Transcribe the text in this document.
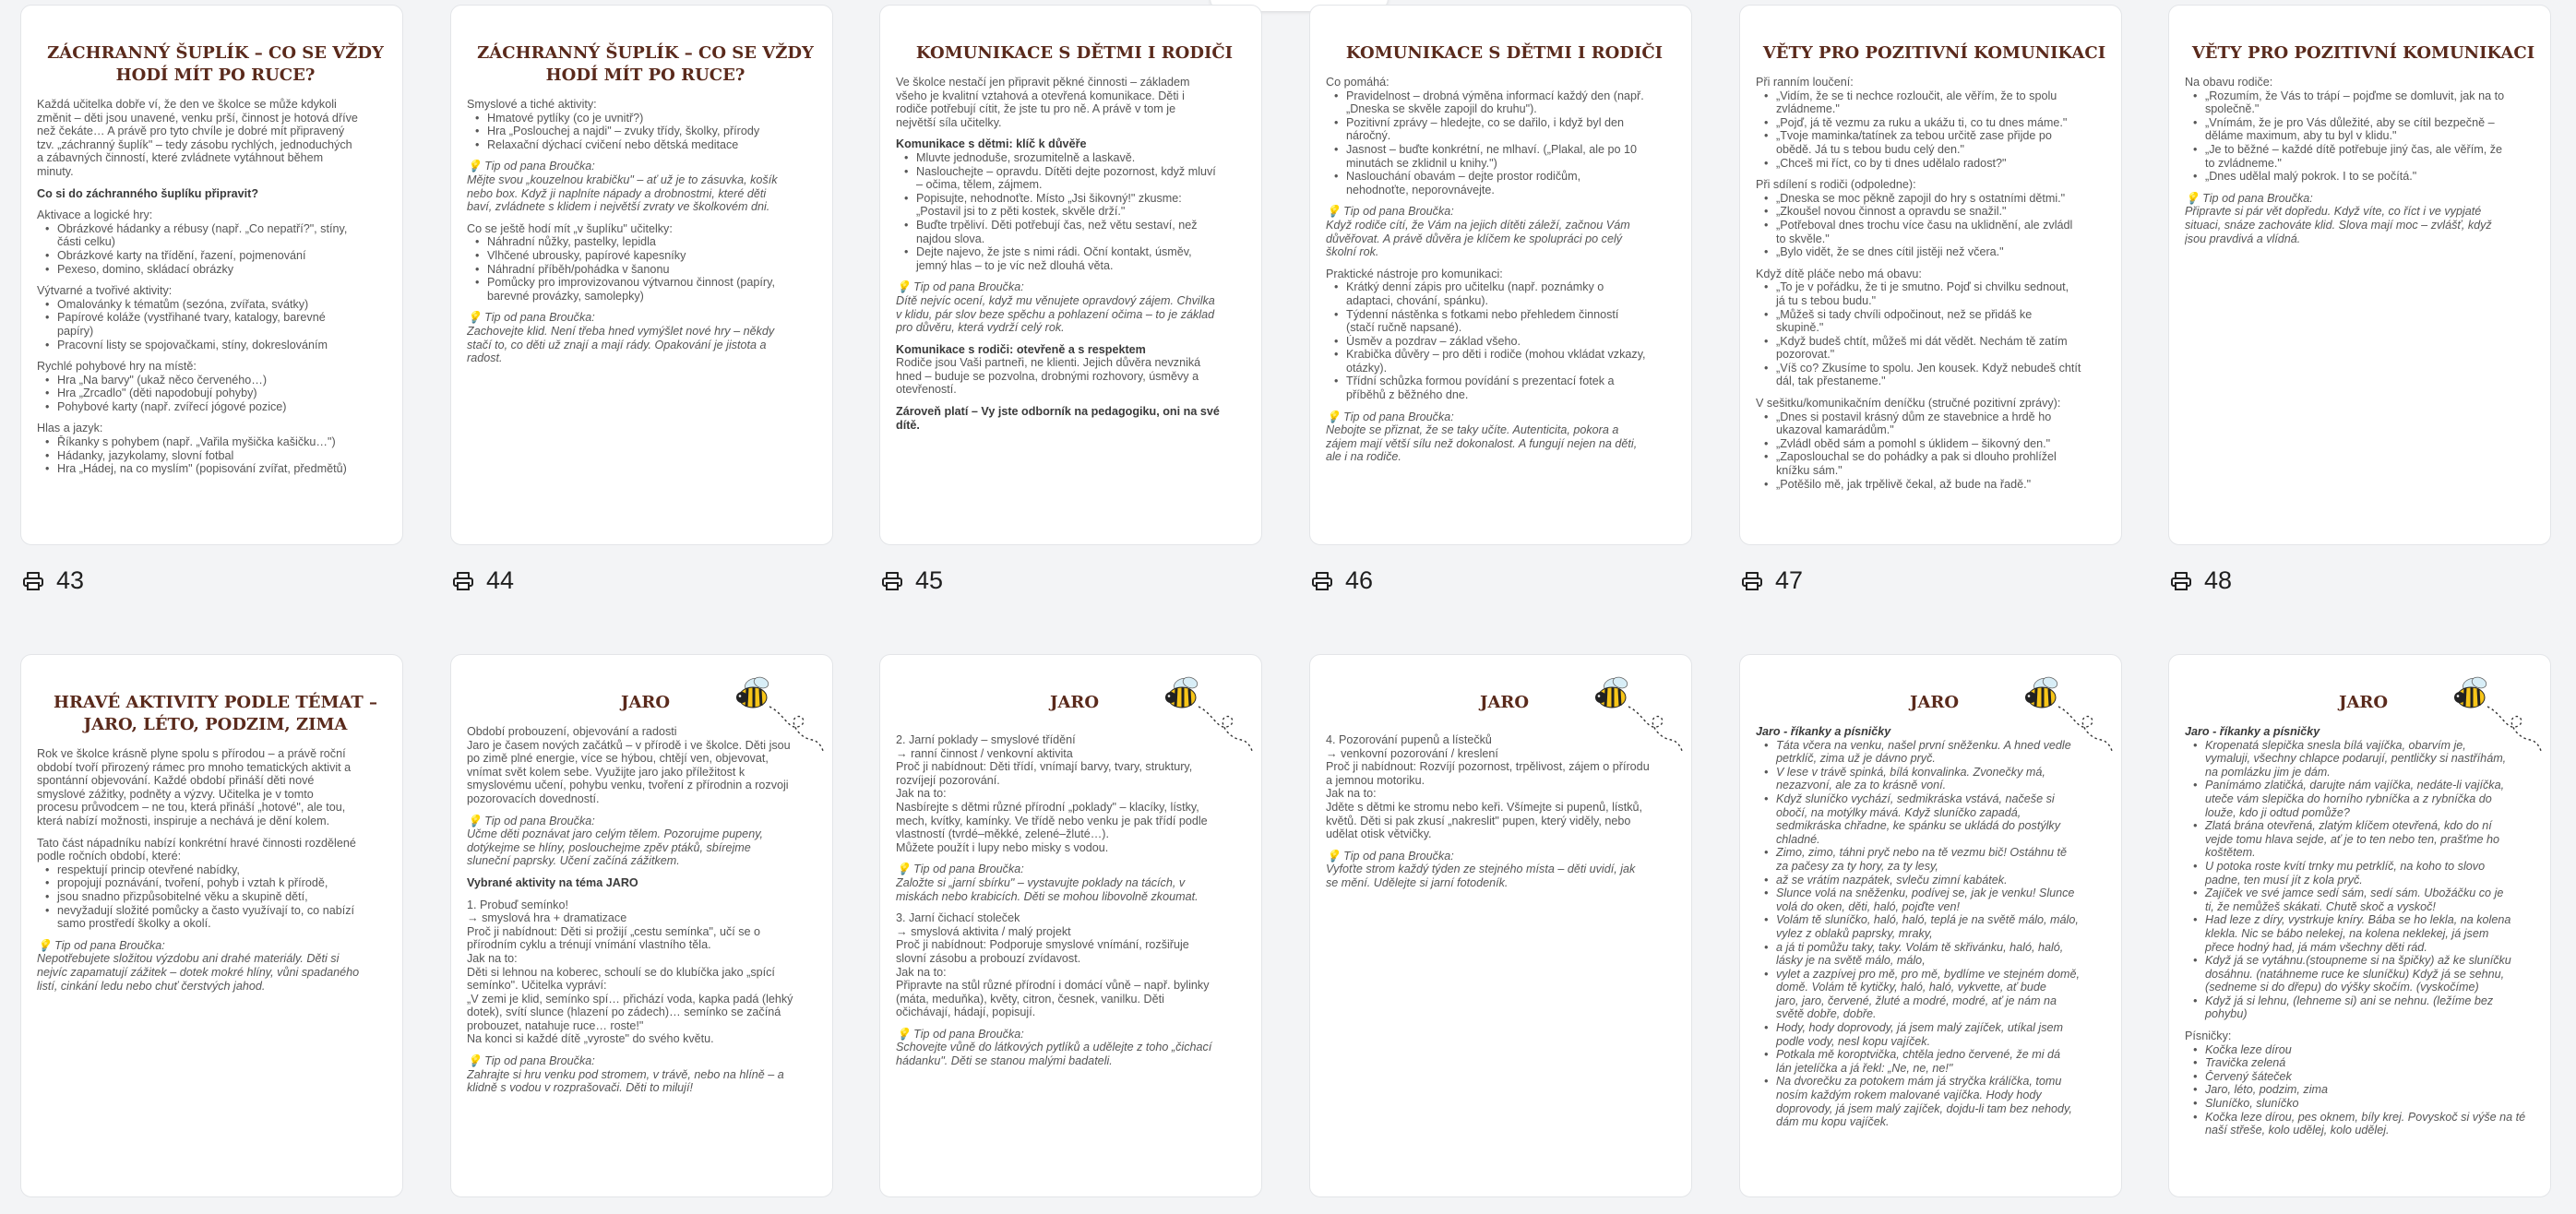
ZÁCHRANNÝ ŠUPLÍK – CO SE VŽDY HODÍ MÍT PO RUCE?
Každá učitelka dobře ví, že den ve školce se může kdykoli
změnit – děti jsou unavené, venku prší, činnost je hotová dříve
než čekáte… A právě pro tyto chvíle je dobré mít připravený
tzv. „záchranný šuplík" – tedy zásobu rychlých, jednoduchých
a zábavných činností, které zvládnete vytáhnout během
minuty.
Co si do záchranného šuplíku připravit?
Aktivace a logické hry:
• Obrázkové hádanky a rébusy (např. „Co nepatří?", stíny,
části celku)
• Obrázkové karty na třídění, řazení, pojmenování
• Pexeso, domino, skládací obrázky
Výtvarné a tvořivé aktivity:
• Omalovánky k tématům (sezóna, zvířata, svátky)
• Papírové koláže (vystřihané tvary, katalogy, barevné
papíry)
• Pracovní listy se spojovačkami, stíny, dokreslováním
Rychlé pohybové hry na místě:
• Hra „Na barvy" (ukaž něco červeného…)
• Hra „Zrcadlo" (děti napodobují pohyby)
• Pohybové karty (např. zvířecí jógové pozice)
Hlas a jazyk:
• Říkanky s pohybem (např. „Vařila myšička kašičku…")
• Hádanky, jazykolamy, slovní fotbal
• Hra „Hádej, na co myslím" (popisování zvířat, předmětů)
43
ZÁCHRANNÝ ŠUPLÍK – CO SE VŽDY HODÍ MÍT PO RUCE?
Smyslové a tiché aktivity:
• Hmatové pytlíky (co je uvnitř?)
• Hra „Poslouchej a najdi" – zvuky třídy, školky, přírody
• Relaxační dýchací cvičení nebo dětská meditace
💡 Tip od pana Broučka:
Mějte svou „kouzelnou krabičku" – ať už je to zásuvka, košík
nebo box. Když ji naplníte nápady a drobnostmi, které děti
baví, zvládnete s klidem i největší zvraty ve školkovém dni.
Co se ještě hodí mít „v šuplíku" učitelky:
• Náhradní nůžky, pastelky, lepidla
• Vlhčené ubrousky, papírové kapesníky
• Náhradní příběh/pohádka v šanonu
• Pomůcky pro improvizovanou výtvarnou činnost (papíry,
barevné provázky, samolepky)
💡 Tip od pana Broučka:
Zachovejte klid. Není třeba hned vymýšlet nové hry – někdy
stačí to, co děti už znají a mají rády. Opakování je jistota a
radost.
44
KOMUNIKACE S DĚTMI I RODIČI
Ve školce nestačí jen připravit pěkné činnosti – základem
všeho je kvalitní vztahová a otevřená komunikace. Děti i
rodiče potřebují cítit, že jste tu pro ně. A právě v tom je
největší síla učitelky.
Komunikace s dětmi: klíč k důvěře
• Mluvte jednoduše, srozumitelně a laskavě.
• Naslouchejte – opravdu. Dítěti dejte pozornost, když mluví
– očima, tělem, zájmem.
• Popisujte, nehodnoťte. Místo „Jsi šikovný!" zkusme:
„Postavil jsi to z pěti kostek, skvěle drží."
• Buďte trpěliví. Děti potřebují čas, než větu sestaví, než
najdou slova.
• Dejte najevo, že jste s nimi rádi. Oční kontakt, úsměv,
jemný hlas – to je víc než dlouhá věta.
💡 Tip od pana Broučka:
Dítě nejvíc ocení, když mu věnujete opravdový zájem. Chvilka
v klidu, pár slov beze spěchu a pohlazení očima – to je základ
pro důvěru, která vydrží celý rok.
Komunikace s rodiči: otevřeně a s respektem
Rodiče jsou Vaši partneři, ne klienti. Jejich důvěra nevzniká
hned – buduje se pozvolna, drobnými rozhovory, úsměvy a
otevřeností.
Zároveň platí – Vy jste odborník na pedagogiku, oni na své
dítě.
45
KOMUNIKACE S DĚTMI I RODIČI
Co pomáhá:
• Pravidelnost – drobná výměna informací každý den (např.
„Dneska se skvěle zapojil do kruhu").
• Pozitivní zprávy – hledejte, co se dařilo, i když byl den
náročný.
• Jasnost – buďte konkrétní, ne mlhaví. („Plakal, ale po 10
minutách se zklidnil u knihy.")
• Naslouchání obavám – dejte prostor rodičům,
nehodnoťte, neporovnávejte.
💡 Tip od pana Broučka:
Když rodiče cítí, že Vám na jejich dítěti záleží, začnou Vám
důvěřovat. A právě důvěra je klíčem ke spolupráci po celý
školní rok.
Praktické nástroje pro komunikaci:
• Krátký denní zápis pro učitelku (např. poznámky o
adaptaci, chování, spánku).
• Týdenní nástěnka s fotkami nebo přehledem činností
(stačí ručně napsané).
• Úsměv a pozdrav – základ všeho.
• Krabička důvěry – pro děti i rodiče (mohou vkládat vzkazy,
otázky).
• Třídní schůzka formou povídání s prezentací fotek a
příběhů z běžného dne.
💡 Tip od pana Broučka:
Nebojte se přiznat, že se taky učíte. Autenticita, pokora a
zájem mají větší sílu než dokonalost. A fungují nejen na děti,
ale i na rodiče.
46
VĚTY PRO POZITIVNÍ KOMUNIKACI
Při ranním loučení:
• „Vidím, že se ti nechce rozloučit, ale věřím, že to spolu
zvládneme."
• „Pojď, já tě vezmu za ruku a ukážu ti, co tu dnes máme."
• „Tvoje maminka/tatínek za tebou určitě zase přijde po
obědě. Já tu s tebou budu celý den."
• „Chceš mi říct, co by ti dnes udělalo radost?"
Při sdílení s rodiči (odpoledne):
• „Dneska se moc pěkně zapojil do hry s ostatními dětmi."
• „Zkoušel novou činnost a opravdu se snažil."
• „Potřeboval dnes trochu více času na uklidnění, ale zvládl
to skvěle."
• „Bylo vidět, že se dnes cítil jistěji než včera."
Když dítě pláče nebo má obavu:
• „To je v pořádku, že ti je smutno. Pojď si chvilku sednout,
já tu s tebou budu."
• „Můžeš si tady chvíli odpočinout, než se přidáš ke
skupině."
• „Když budeš chtít, můžeš mi dát vědět. Nechám tě zatím
pozorovat."
• „Víš co? Zkusíme to spolu. Jen kousek. Když nebudeš chtít
dál, tak přestaneme."
V sešitku/komunikačním deníčku (stručné pozitivní zprávy):
• „Dnes si postavil krásný dům ze stavebnice a hrdě ho
ukazoval kamarádům."
• „Zvládl oběd sám a pomohl s úklidem – šikovný den."
• „Zaposlouchal se do pohádky a pak si dlouho prohlížel
knížku sám."
• „Potěšilo mě, jak trpělivě čekal, až bude na řadě."
47
VĚTY PRO POZITIVNÍ KOMUNIKACI
Na obavu rodiče:
• „Rozumím, že Vás to trápí – pojďme se domluvit, jak na to
společně."
• „Vnímám, že je pro Vás důležité, aby se cítil bezpečně –
děláme maximum, aby tu byl v klidu."
• „Je to běžné – každé dítě potřebuje jiný čas, ale věřím, že
to zvládneme."
• „Dnes udělal malý pokrok. I to se počítá."
💡 Tip od pana Broučka:
Připravte si pár vět dopředu. Když víte, co říct i ve vypjaté
situaci, snáze zachováte klid. Slova mají moc – zvlášť, když
jsou pravdivá a vlídná.
48
HRAVÉ AKTIVITY PODLE TÉMAT – JARO, LÉTO, PODZIM, ZIMA
Rok ve školce krásně plyne spolu s přírodou – a právě roční
období tvoří přirozený rámec pro mnoho tematických aktivit a
spontánní objevování. Každé období přináší děti nové
smyslové zážitky, podněty a výzvy. Učitelka je v tomto
procesu průvodcem – ne tou, která přináší „hotové", ale tou,
která nabízí možnosti, inspiruje a nechává je dění kolem.
Tato část nápadníku nabízí konkrétní hravé činnosti rozdělené
podle ročních období, které:
• respektují princip otevřené nabídky,
• propojují poznávání, tvoření, pohyb i vztah k přírodě,
• jsou snadno přizpůsobitelné věku a skupině dětí,
• nevyžadují složité pomůcky a často využívají to, co nabízí
samo prostředí školky a okolí.
💡 Tip od pana Broučka:
Nepotřebujete složitou výzdobu ani drahé materiály. Děti si
nejvíc zapamatují zážitek – dotek mokré hlíny, vůni spadaného
listí, cinkání ledu nebo chuť čerstvých jahod.
JARO
Období probouzení, objevování a radosti
Jaro je časem nových začátků – v přírodě i ve školce. Děti jsou
po zimě plné energie, více se hýbou, chtějí ven, objevovat,
vnímat svět kolem sebe. Využijte jaro jako příležitost k
smyslovému učení, pohybu venku, tvoření z přírodnin a rozvoji
pozorovacích dovedností.
💡 Tip od pana Broučka:
Učme děti poznávat jaro celým tělem. Pozorujme pupeny,
dotýkejme se hlíny, poslouchejme zpěv ptáků, sbírejme
sluneční paprsky. Učení začíná zážitkem.
Vybrané aktivity na téma JARO
1. Probuď semínko!
→ smyslová hra + dramatizace
Proč ji nabídnout: Děti si prožijí „cestu semínka", učí se o
přírodním cyklu a trénují vnímání vlastního těla.
Jak na to:
Děti si lehnou na koberec, schoulí se do klubíčka jako „spící
semínko". Učitelka vypráví:
„V zemi je klid, semínko spí… přichází voda, kapka padá (lehký
dotek), svítí slunce (hlazení po zádech)… semínko se začíná
probouzet, natahuje ruce… roste!"
Na konci si každé dítě „vyroste" do svého květu.
💡 Tip od pana Broučka:
Zahrajte si hru venku pod stromem, v trávě, nebo na hlíně – a
klidně s vodou v rozprašovači. Děti to milují!
JARO
2. Jarní poklady – smyslové třídění
→ ranní činnost / venkovní aktivita
Proč ji nabídnout: Děti třídí, vnímají barvy, tvary, struktury,
rozvíjejí pozorování.
Jak na to:
Nasbírejte s dětmi různé přírodní „poklady" – klacíky, lístky,
mech, kvítky, kamínky. Ve třídě nebo venku je pak třídí podle
vlastností (tvrdé–měkké, zelené–žluté…).
Můžete použít i lupy nebo misky s vodou.
💡 Tip od pana Broučka:
Založte si „jarní sbírku" – vystavujte poklady na tácích, v
miskách nebo krabicích. Děti se mohou libovolně zkoumat.
3. Jarní čichací stoleček
→ smyslová aktivita / malý projekt
Proč ji nabídnout: Podporuje smyslové vnímání, rozšiřuje
slovní zásobu a probouzí zvídavost.
Jak na to:
Připravte na stůl různé přírodní i domácí vůně – např. bylinky
(máta, meduňka), květy, citron, česnek, vanilku. Děti
očichávají, hádají, popisují.
💡 Tip od pana Broučka:
Schovejte vůně do látkových pytlíků a udělejte z toho „čichací
hádanku". Děti se stanou malými badateli.
JARO
4. Pozorování pupenů a lístečků
→ venkovní pozorování / kreslení
Proč ji nabídnout: Rozvíjí pozornost, trpělivost, zájem o přírodu
a jemnou motoriku.
Jak na to:
Jděte s dětmi ke stromu nebo keři. Všímejte si pupenů, lístků,
květů. Děti si pak zkusí „nakreslit" pupen, který viděly, nebo
udělat otisk větvičky.
💡 Tip od pana Broučka:
Vyfoťte strom každý týden ze stejného místa – děti uvidí, jak
se mění. Udělejte si jarní fotodeník.
JARO
Jaro - říkanky a písničky
• Táta včera na venku, našel první sněženku. A hned vedle
petrklíč, zima už je dávno pryč.
• V lese v trávě spinká, bílá konvalinka. Zvonečky má,
nezazvoní, ale za to krásně voní.
• Když sluníčko vychází, sedmikráska vstává, načeše si
obočí, na motýlky mává. Když sluníčko zapadá,
sedmikráska chřadne, ke spánku se ukládá do postýlky
chladné.
• Zimo, zimo, táhni pryč nebo na tě vezmu bič! Ostáhnu tě
za pačesy za ty hory, za ty lesy,
• až se vrátím nazpátek, svleču zimní kabátek.
• Slunce volá na sněženku, podívej se, jak je venku! Slunce
volá do oken, děti, haló, pojďte ven!
• Volám tě sluníčko, haló, haló, teplá je na světě málo, málo,
vylez z oblaků paprsky, mraky,
• a já ti pomůžu taky, taky. Volám tě skřivánku, haló, haló,
lásky je na světě málo, málo,
• vylet a zazpívej pro mě, pro mě, bydlíme ve stejném domě,
domě. Volám tě kytičky, haló, haló, vykvette, ať bude
jaro, jaro, červené, žluté a modré, modré, ať je nám na
světě dobře, dobře.
• Hody, hody doprovody, já jsem malý zajíček, utíkal jsem
podle vody, nesl kopu vajíček.
• Potkala mě koroptvička, chtěla jedno červené, že mi dá
lán jetelíčka a já řekl: „Ne, ne, ne!"
• Na dvorečku za potokem mám já stryčka králíčka, tomu
nosím každým rokem malované vajíčka. Hody hody
doprovody, já jsem malý zajíček, dojdu-li tam bez nehody,
dám mu kopu vajíček.
JARO
Jaro - říkanky a písničky
• Kropenatá slepička snesla bílá vajíčka, obarvím je,
vymaluji, všechny chlapce podarují, pentličky si nastříhám,
na pomlázku jim je dám.
• Panímámo zlatičká, darujte nám vajíčka, nedáte-li vajíčka,
uteče vám slepička do horního rybníčka a z rybníčka do
louže, kdo ji odtud pomůže?
• Zlatá brána otevřená, zlatým klíčem otevřená, kdo do ní
vejde tomu hlava sejde, ať je to ten nebo ten, prašťme ho
koštětem.
• U potoka roste kvítí trnky mu petrklíč, na koho to slovo
padne, ten musí jít z kola pryč.
• Zajíček ve své jamce sedí sám, sedí sám. Ubožáčku co je
ti, že nemůžeš skákati. Chutě skoč a vyskoč!
• Had leze z díry, vystrkuje kníry. Bába se ho lekla, na kolena
klekla. Nic se bábo nelekej, na kolena neklekej, já jsem
přece hodný had, já mám všechny děti rád.
• Když já se vytáhnu.(stoupneme si na špičky) až ke sluníčku
dosáhnu. (natáhneme ruce ke sluníčku) Když já se sehnu,
(sedneme si do dřepu) do výšky skočím. (vyskočíme)
• Když já si lehnu, (lehneme si) ani se nehnu. (ležíme bez
pohybu)
Písničky:
• Kočka leze dírou
• Travička zelená
• Červený šáteček
• Jaro, léto, podzim, zima
• Sluníčko, sluníčko
• Kočka leze dírou, pes oknem, bíly krej. Povyskoč si výše na té
naší střeše, kolo udělej, kolo udělej.
